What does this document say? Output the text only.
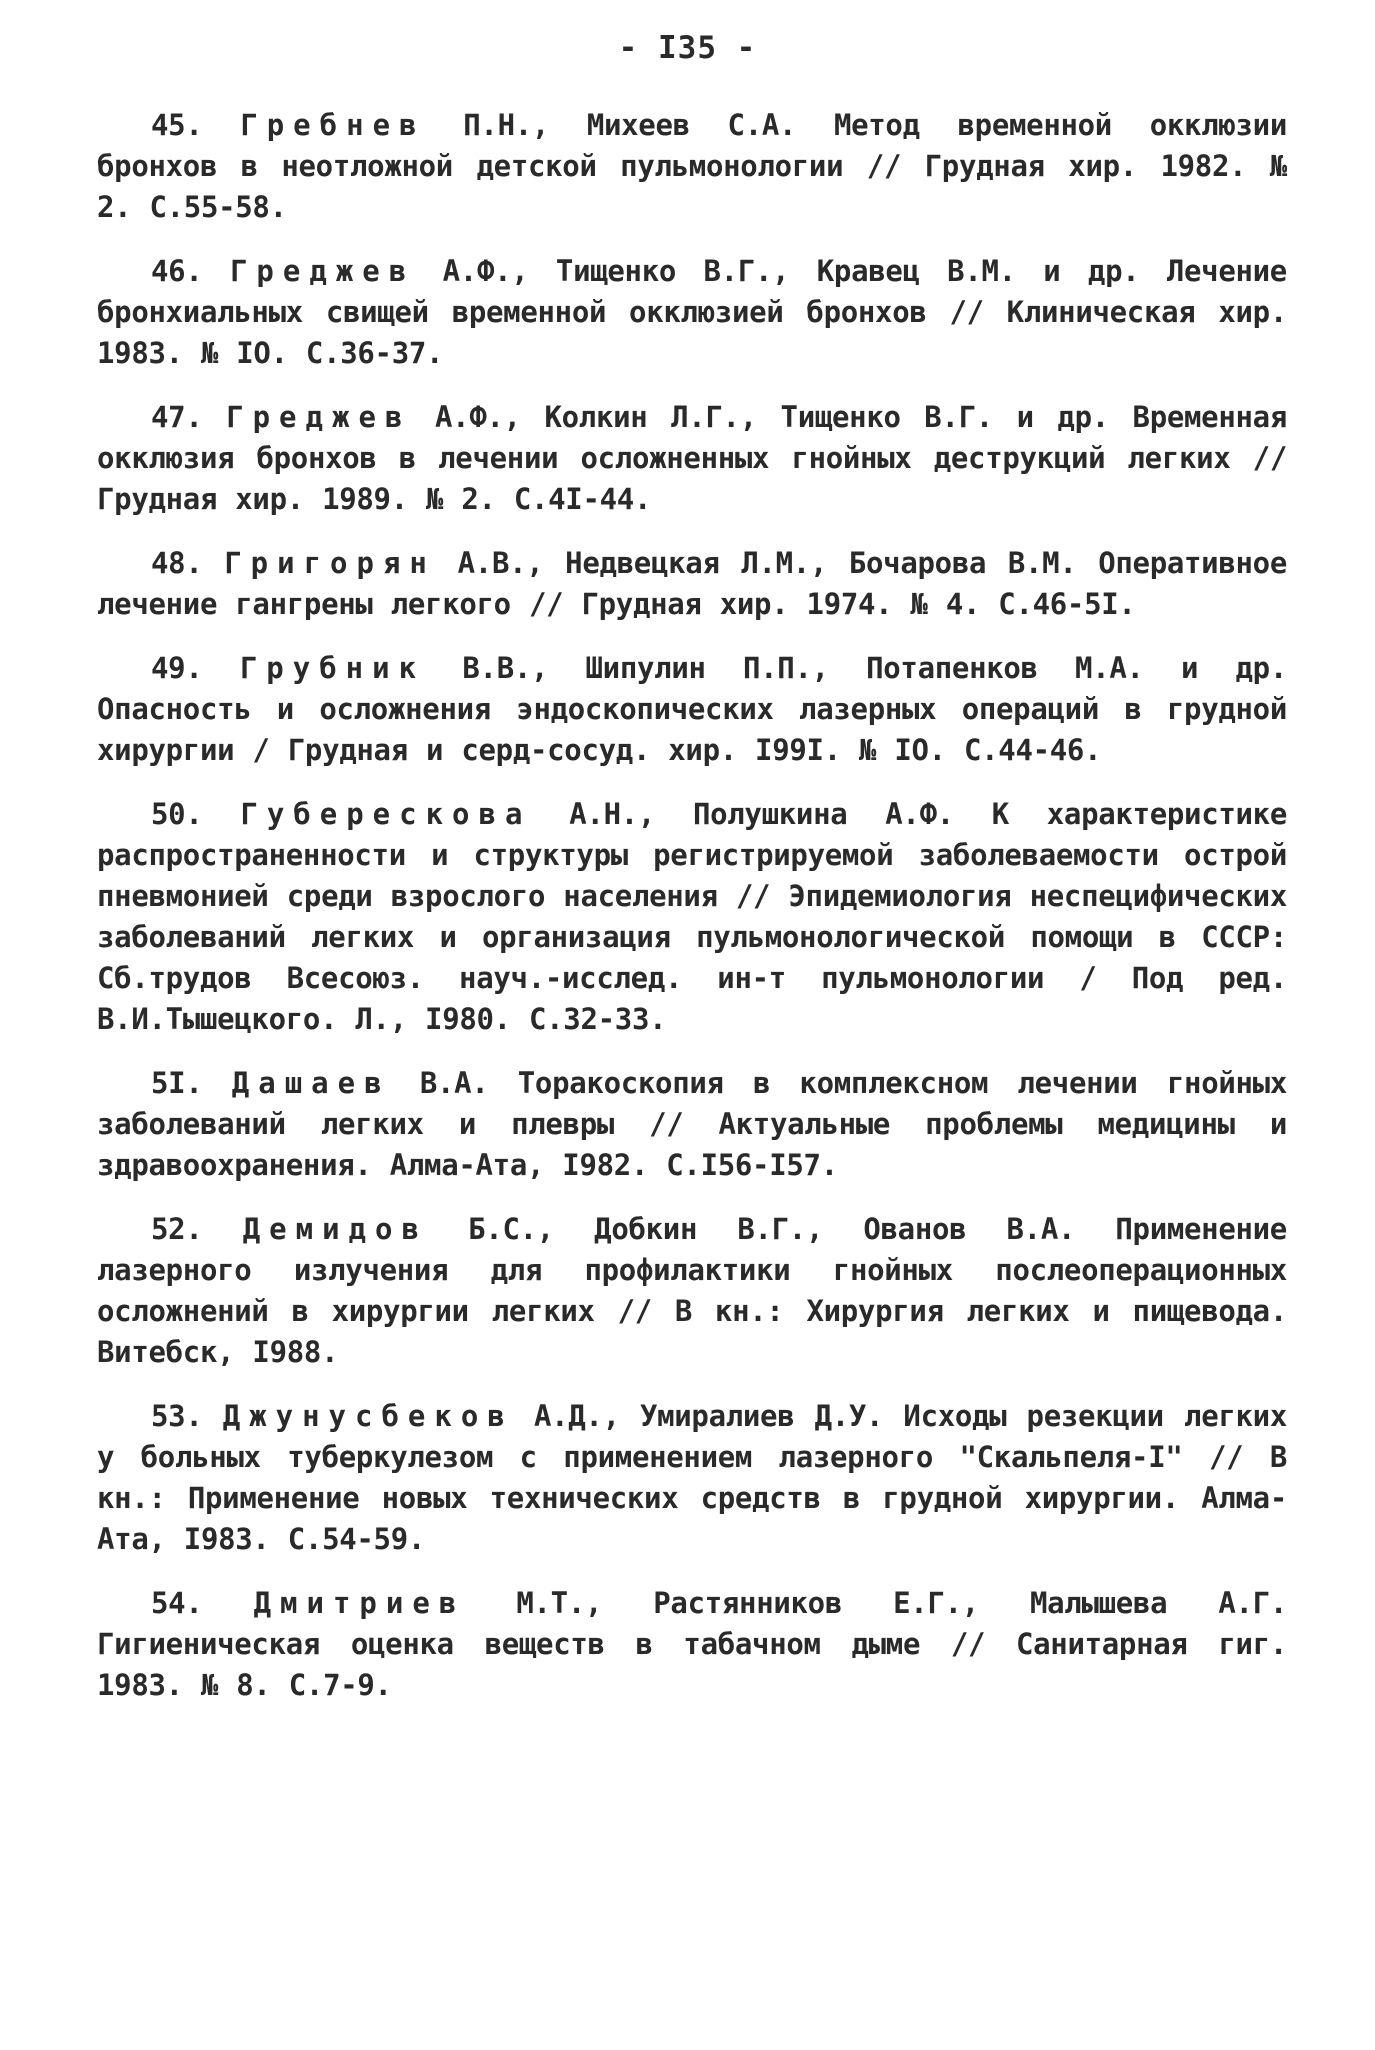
- I35 -

45. Гребнев П.Н., Михеев С.А. Метод временной окклюзии бронхов в неотложной детской пульмонологии // Грудная хир. 1982. № 2. С.55-58.

46. Греджев А.Ф., Тищенко В.Г., Кравец В.М. и др. Лечение бронхиальных свищей временной окклюзией бронхов // Клиническая хир. 1983. № IO. С.36-37.

47. Греджев А.Ф., Колкин Л.Г., Тищенко В.Г. и др. Временная окклюзия бронхов в лечении осложненных гнойных деструкций легких // Грудная хир. 1989. № 2. С.4I-44.

48. Григорян А.В., Недвецкая Л.М., Бочарова В.М. Оперативное лечение гангрены легкого // Грудная хир. 1974. № 4. С.46-5I.

49. Грубник В.В., Шипулин П.П., Потапенков М.А. и др. Опасность и осложнения эндоскопических лазерных операций в грудной хирургии / Грудная и серд-сосуд. хир. I99I. № IO. С.44-46.

50. Губерескова А.Н., Полушкина А.Ф. К характеристике распространенности и структуры регистрируемой заболеваемости острой пневмонией среди взрослого населения // Эпидемиология неспецифических заболеваний легких и организация пульмонологической помощи в СССР: Сб.трудов Всесоюз. науч.-исслед. ин-т пульмонологии / Под ред. В.И.Тышецкого. Л., I980. С.32-33.

5I. Дашаев В.А. Торакоскопия в комплексном лечении гнойных заболеваний легких и плевры // Актуальные проблемы медицины и здравоохранения. Алма-Ата, I982. С.I56-I57.

52. Демидов Б.С., Добкин В.Г., Ованов В.А. Применение лазерного излучения для профилактики гнойных послеоперационных осложнений в хирургии легких // В кн.: Хирургия легких и пищевода. Витебск, I988.

53. Джунусбеков А.Д., Умиралиев Д.У. Исходы резекции легких у больных туберкулезом с применением лазерного "Скальпеля-I" // В кн.: Применение новых технических средств в грудной хирургии. Алма-Ата, I983. С.54-59.

54. Дмитриев М.Т., Растянников Е.Г., Малышева А.Г. Гигиеническая оценка веществ в табачном дыме // Санитарная гиг. 1983. № 8. С.7-9.
